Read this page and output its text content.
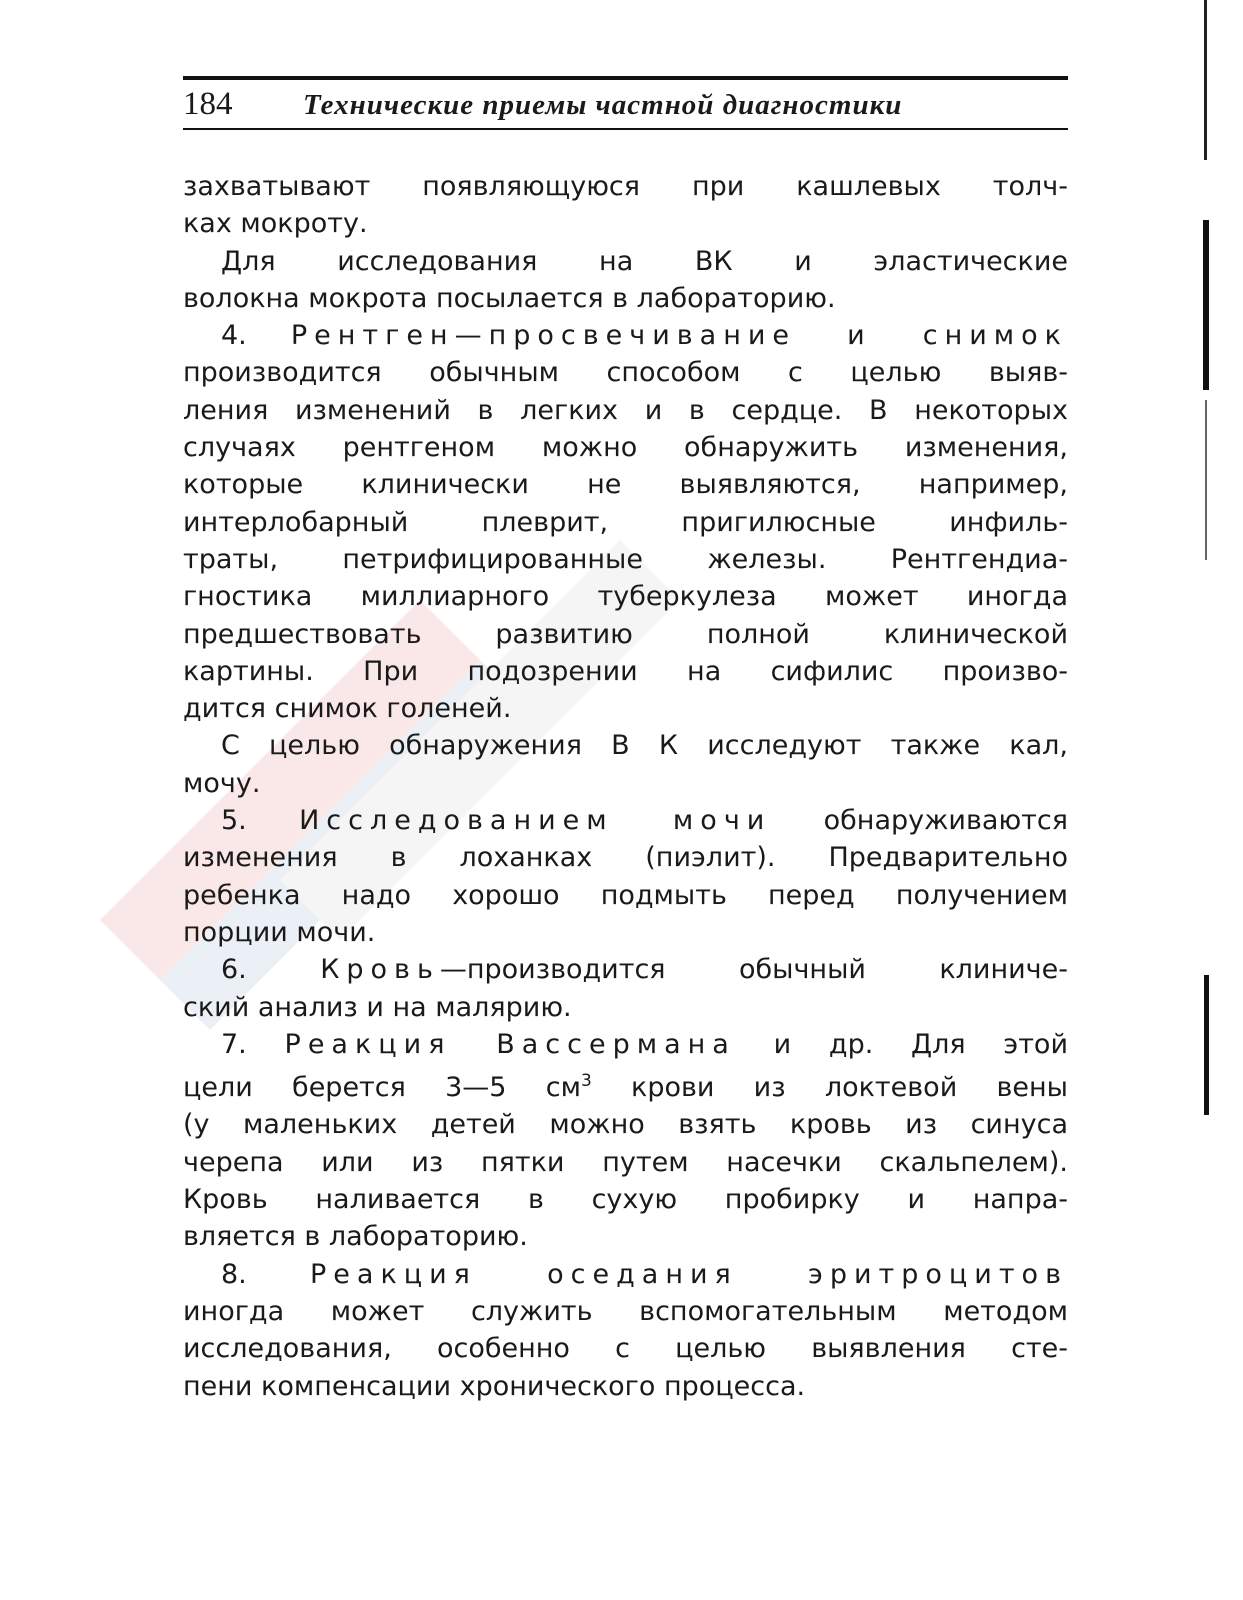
184 Технические приемы частной диагностики
захватывают появляющуюся при кашлевых толч-
ках мокроту.
Для исследования на ВК и эластические
волокна мокрота посылается в лабораторию.
4. Рентген—просвечивание и снимок
производится обычным способом с целью выяв-
ления изменений в легких и в сердце. В некоторых
случаях рентгеном можно обнаружить изменения,
которые клинически не выявляются, например,
интерлобарный плеврит, пригилюсные инфиль-
траты, петрифицированные железы. Рентгендиа-
гностика миллиарного туберкулеза может иногда
предшествовать развитию полной клинической
картины. При подозрении на сифилис произво-
дится снимок голеней.
С целью обнаружения В К исследуют также кал,
мочу.
5. Исследованием мочи обнаруживаются
изменения в лоханках (пиэлит). Предварительно
ребенка надо хорошо подмыть перед получением
порции мочи.
6.	Кровь—производится обычный клиниче-
ский анализ и на малярию.
7. Реакция Вассермана и др. Для этой
цели берется 3—5 $см^3$ крови из локтевой вены
(у маленьких детей можно взять кровь из синуса
черепа или из пятки путем насечки скальпелем).
Кровь наливается в сухую пробирку и напра-
вляется в лабораторию.
8. Реакция оседания эритроцитов
иногда может служить вспомогательным методом
исследования, особенно с целью выявления сте-
пени компенсации хронического процесса.
